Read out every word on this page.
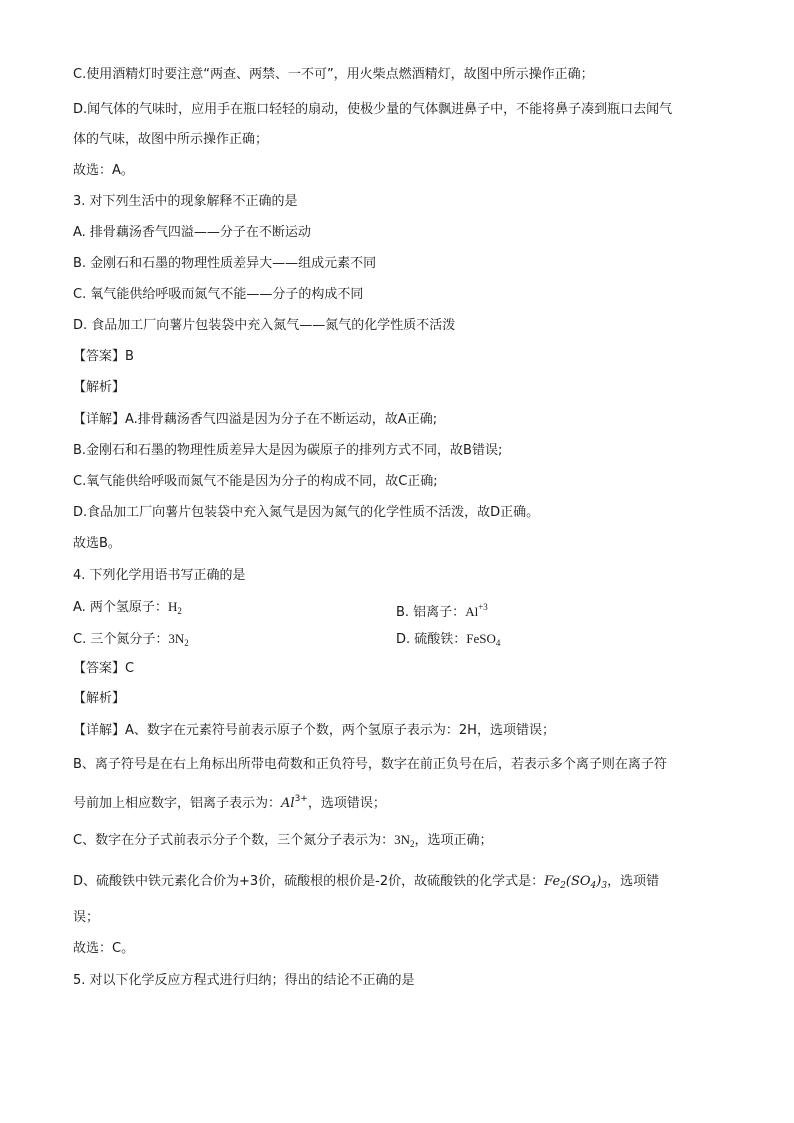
C.使用酒精灯时要注意“两查、两禁、一不可”，用火柴点燃酒精灯，故图中所示操作正确；
D.闻气体的气味时，应用手在瓶口轻轻的扇动，使极少量的气体飘进鼻子中，不能将鼻子凑到瓶口去闻气
体的气味，故图中所示操作正确；
故选：A。
3. 对下列生活中的现象解释不正确的是
A. 排骨藕汤香气四溢——分子在不断运动
B. 金刚石和石墨的物理性质差异大——组成元素不同
C. 氧气能供给呼吸而氮气不能——分子的构成不同
D. 食品加工厂向薯片包装袋中充入氮气——氮气的化学性质不活泼
【答案】B
【解析】
【详解】A.排骨藕汤香气四溢是因为分子在不断运动，故A正确;
B.金刚石和石墨的物理性质差异大是因为碳原子的排列方式不同，故B错误;
C.氧气能供给呼吸而氮气不能是因为分子的构成不同，故C正确;
D.食品加工厂向薯片包装袋中充入氮气是因为氮气的化学性质不活泼，故D正确。
故选B。
4. 下列化学用语书写正确的是
A. 两个氢原子：$H_2$	B. 铝离子：$Al^{+3}$
C. 三个氮分子：$3N_2$	D. 硫酸铁：FeSO$_4$
【答案】C
【解析】
【详解】A、数字在元素符号前表示原子个数，两个氢原子表示为：2H，选项错误；
B、离子符号是在右上角标出所带电荷数和正负符号，数字在前正负号在后，若表示多个离子则在离子符
号前加上相应数字，铝离子表示为：$Al^{3+}$，选项错误；
C、数字在分子式前表示分子个数，三个氮分子表示为：$3N_2$，选项正确；
D、硫酸铁中铁元素化合价为+3价，硫酸根的根价是-2价，故硫酸铁的化学式是：$Fe_2(SO_4)_3$，选项错
误；
故选：C。
5. 对以下化学反应方程式进行归纳；得出的结论不正确的是
